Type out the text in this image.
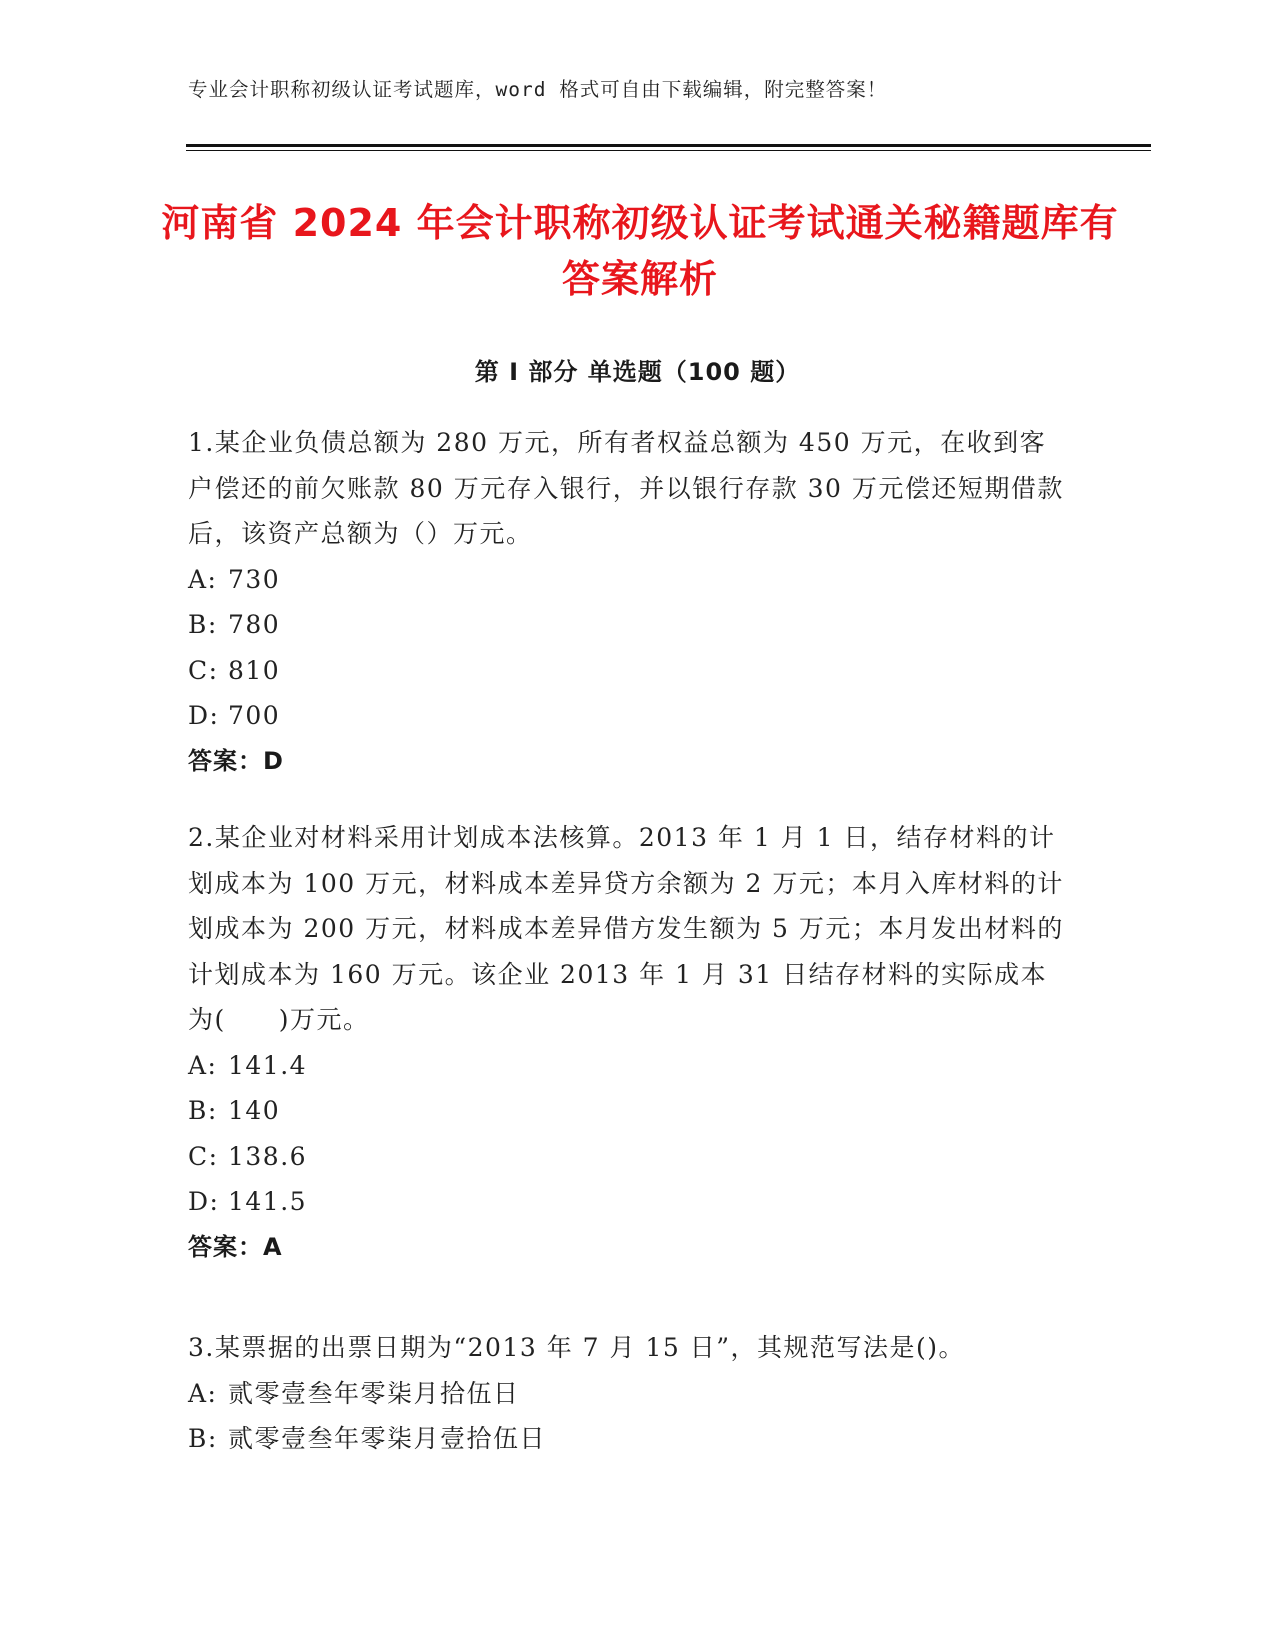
专业会计职称初级认证考试题库，word 格式可自由下载编辑，附完整答案！
河南省 2024 年会计职称初级认证考试通关秘籍题库有答案解析
第 I 部分 单选题（100 题）

1.某企业负债总额为 280 万元，所有者权益总额为 450 万元，在收到客户偿还的前欠账款 80 万元存入银行，并以银行存款 30 万元偿还短期借款后，该资产总额为（）万元。

A: 730
B: 780
C: 810
D: 700
答案：D

2.某企业对材料采用计划成本法核算。2013 年 1 月 1 日，结存材料的计划成本为 100 万元，材料成本差异贷方余额为 2 万元；本月入库材料的计划成本为 200 万元，材料成本差异借方发生额为 5 万元；本月发出材料的计划成本为 160 万元。该企业 2013 年 1 月 31 日结存材料的实际成本为(　　)万元。

A: 141.4
B: 140
C: 138.6
D: 141.5
答案：A

3.某票据的出票日期为“2013 年 7 月 15 日”，其规范写法是()。

A: 贰零壹叁年零柒月拾伍日
B: 贰零壹叁年零柒月壹拾伍日
